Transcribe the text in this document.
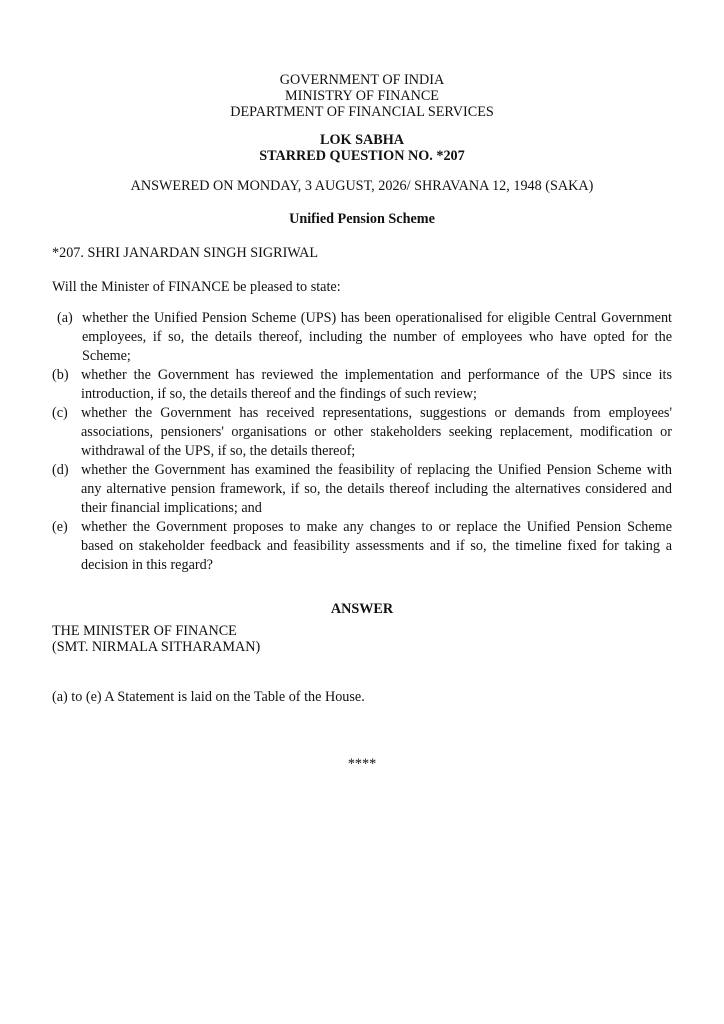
GOVERNMENT OF INDIA
MINISTRY OF FINANCE
DEPARTMENT OF FINANCIAL SERVICES
LOK SABHA
STARRED QUESTION NO. *207
ANSWERED ON MONDAY, 3 AUGUST, 2026/ SHRAVANA 12, 1948 (SAKA)
Unified Pension Scheme
*207. SHRI JANARDAN SINGH SIGRIWAL
Will the Minister of FINANCE be pleased to state:
(a) whether the Unified Pension Scheme (UPS) has been operationalised for eligible Central Government employees, if so, the details thereof, including the number of employees who have opted for the Scheme;
(b) whether the Government has reviewed the implementation and performance of the UPS since its introduction, if so, the details thereof and the findings of such review;
(c) whether the Government has received representations, suggestions or demands from employees' associations, pensioners' organisations or other stakeholders seeking replacement, modification or withdrawal of the UPS, if so, the details thereof;
(d) whether the Government has examined the feasibility of replacing the Unified Pension Scheme with any alternative pension framework, if so, the details thereof including the alternatives considered and their financial implications; and
(e) whether the Government proposes to make any changes to or replace the Unified Pension Scheme based on stakeholder feedback and feasibility assessments and if so, the timeline fixed for taking a decision in this regard?
ANSWER
THE MINISTER OF FINANCE
(SMT. NIRMALA SITHARAMAN)
(a) to (e) A Statement is laid on the Table of the House.
****
